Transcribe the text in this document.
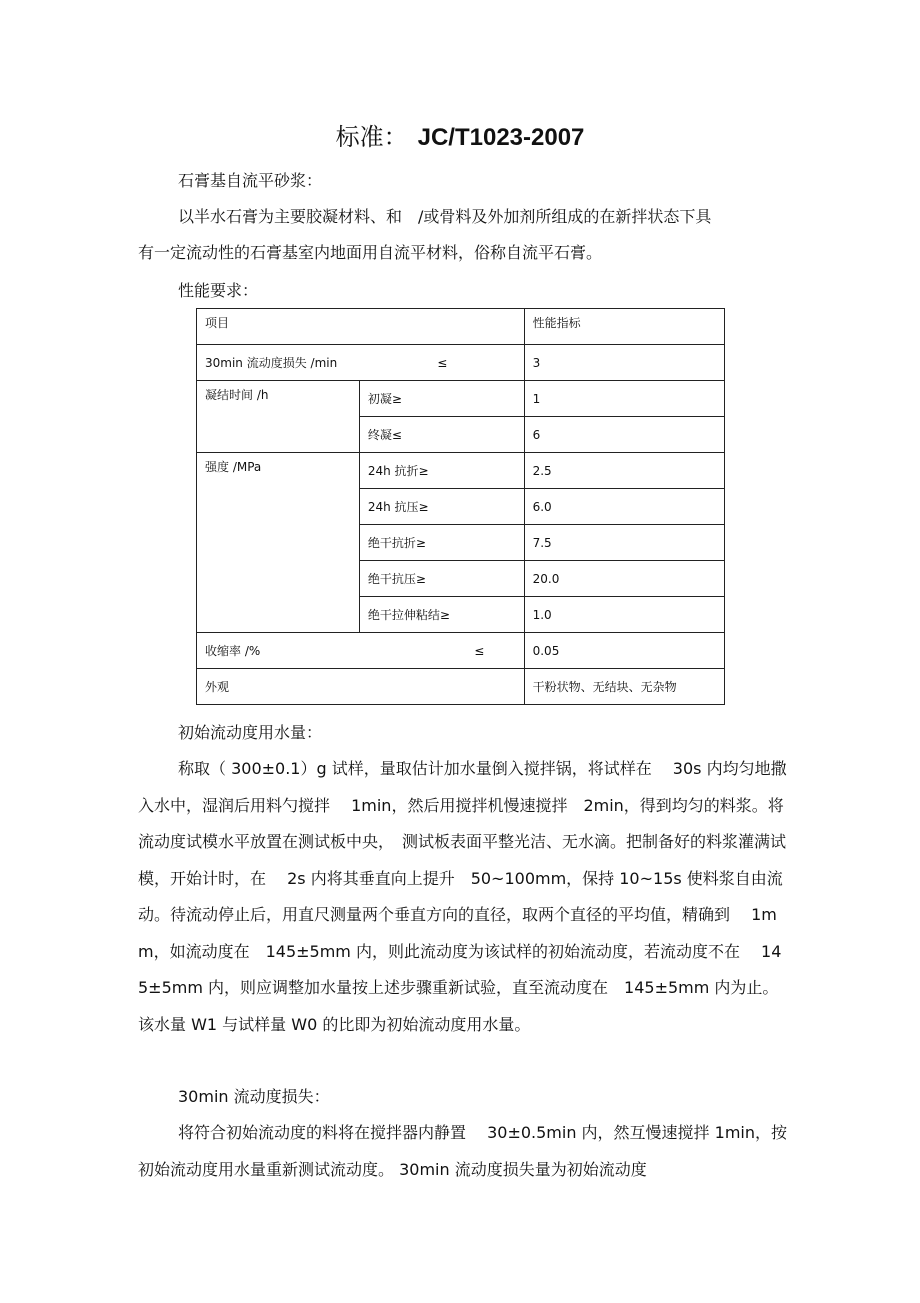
标准： JC/T1023-2007
石膏基自流平砂浆：
以半水石膏为主要胶凝材料、和　/或骨料及外加剂所组成的在新拌状态下具
有一定流动性的石膏基室内地面用自流平材料，俗称自流平石膏。
性能要求：
项目		性能指标
30min 流动度损失 /min ≤		3
凝结时间 /h	初凝≥	1
	终凝≤	6
强度 /MPa	24h 抗折≥	2.5
	24h 抗压≥	6.0
	绝干抗折≥	7.5
	绝干抗压≥	20.0
	绝干拉伸粘结≥	1.0
收缩率 /% ≤		0.05
外观		干粉状物、无结块、无杂物
初始流动度用水量：
称取（ 300±0.1）g 试样，量取估计加水量倒入搅拌锅，将试样在　 30s 内均匀地撒入水中，湿润后用料勺搅拌　 1min，然后用搅拌机慢速搅拌　2min，得到均匀的料浆。将流动度试模水平放置在测试板中央，　测试板表面平整光洁、无水滴。把制备好的料浆灌满试模，开始计时，在　 2s 内将其垂直向上提升　50~100mm，保持 10~15s 使料浆自由流动。待流动停止后，用直尺测量两个垂直方向的直径，取两个直径的平均值，精确到　 1mm，如流动度在　145±5mm 内，则此流动度为该试样的初始流动度，若流动度不在　 145±5mm 内，则应调整加水量按上述步骤重新试验，直至流动度在　145±5mm 内为止。该水量 W1 与试样量 W0 的比即为初始流动度用水量。
30min 流动度损失：
将符合初始流动度的料将在搅拌器内静置　 30±0.5min 内，然互慢速搅拌 1min，按初始流动度用水量重新测试流动度。 30min 流动度损失量为初始流动度
